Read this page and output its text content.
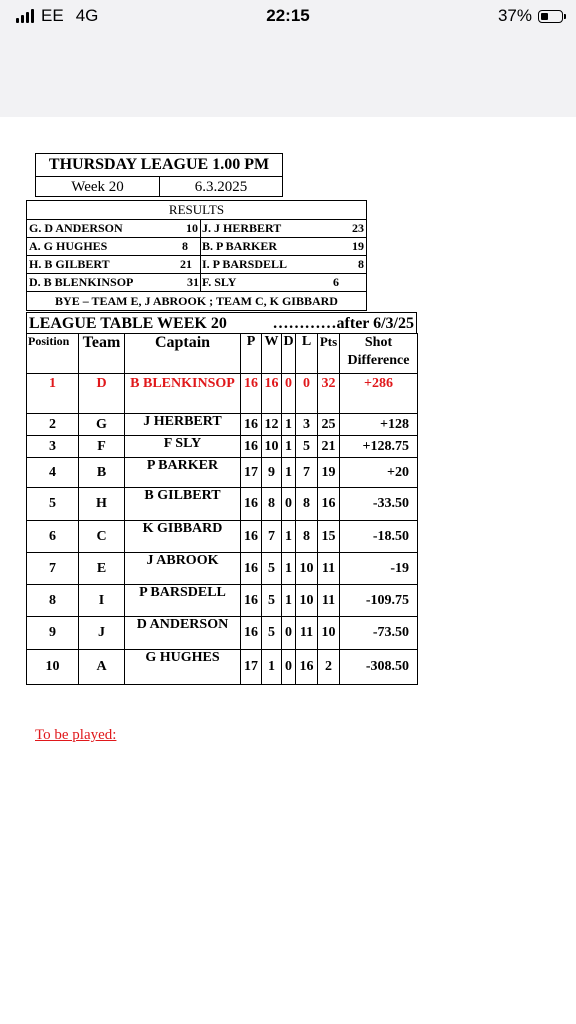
EE 4G	22:15	37%
THURSDAY LEAGUE 1.00 PM
Week 20	6.3.2025
RESULTS
G. D ANDERSON	10 J. J HERBERT	23
A. G HUGHES	8 B. P BARKER	19
H. B GILBERT	21 I. P BARSDELL	8
D. B BLENKINSOP	31 F. SLY	6
BYE – TEAM E, J ABROOK ; TEAM C, K GIBBARD
LEAGUE TABLE WEEK 20	…………after 6/3/25
Position	Team	Captain	P	W	D	L	Pts	Shot Difference
1	D	B BLENKINSOP	16	16	0	0	32	+286
2	G	J HERBERT	16	12	1	3	25	+128
3	F	F SLY	16	10	1	5	21	+128.75
4	B	P BARKER	17	9	1	7	19	+20
5	H	B GILBERT	16	8	0	8	16	-33.50
6	C	K GIBBARD	16	7	1	8	15	-18.50
7	E	J ABROOK	16	5	1	10	11	-19
8	I	P BARSDELL	16	5	1	10	11	-109.75
9	J	D ANDERSON	16	5	0	11	10	-73.50
10	A	G HUGHES	17	1	0	16	2	-308.50
To be played:
